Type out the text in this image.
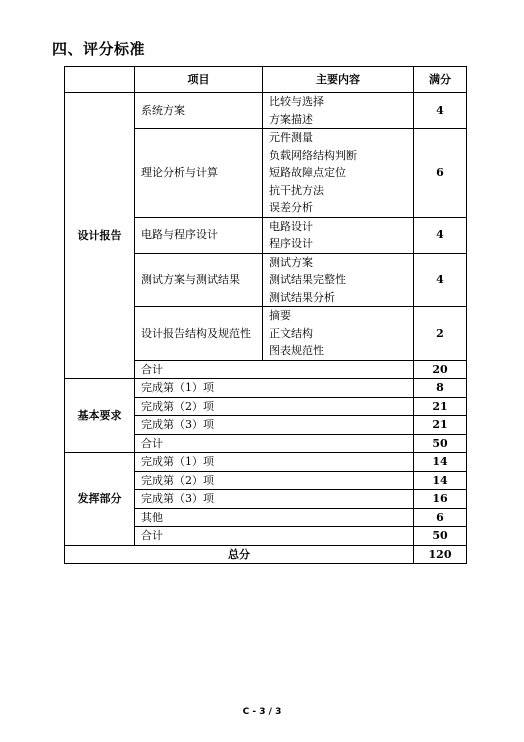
四、评分标准
	项目	主要内容	满分
设计报告	系统方案	比较与选择
方案描述	4
	理论分析与计算	元件测量
负载网络结构判断
短路故障点定位
抗干扰方法
误差分析	6
	电路与程序设计	电路设计
程序设计	4
	测试方案与测试结果	测试方案
测试结果完整性
测试结果分析	4
	设计报告结构及规范性	摘要
正文结构
图表规范性	2
	合计		20
基本要求	完成第（1）项		8
	完成第（2）项		21
	完成第（3）项		21
	合计		50
发挥部分	完成第（1）项		14
	完成第（2）项		14
	完成第（3）项		16
	其他		6
	合计		50
总分			120
C - 3 / 3
